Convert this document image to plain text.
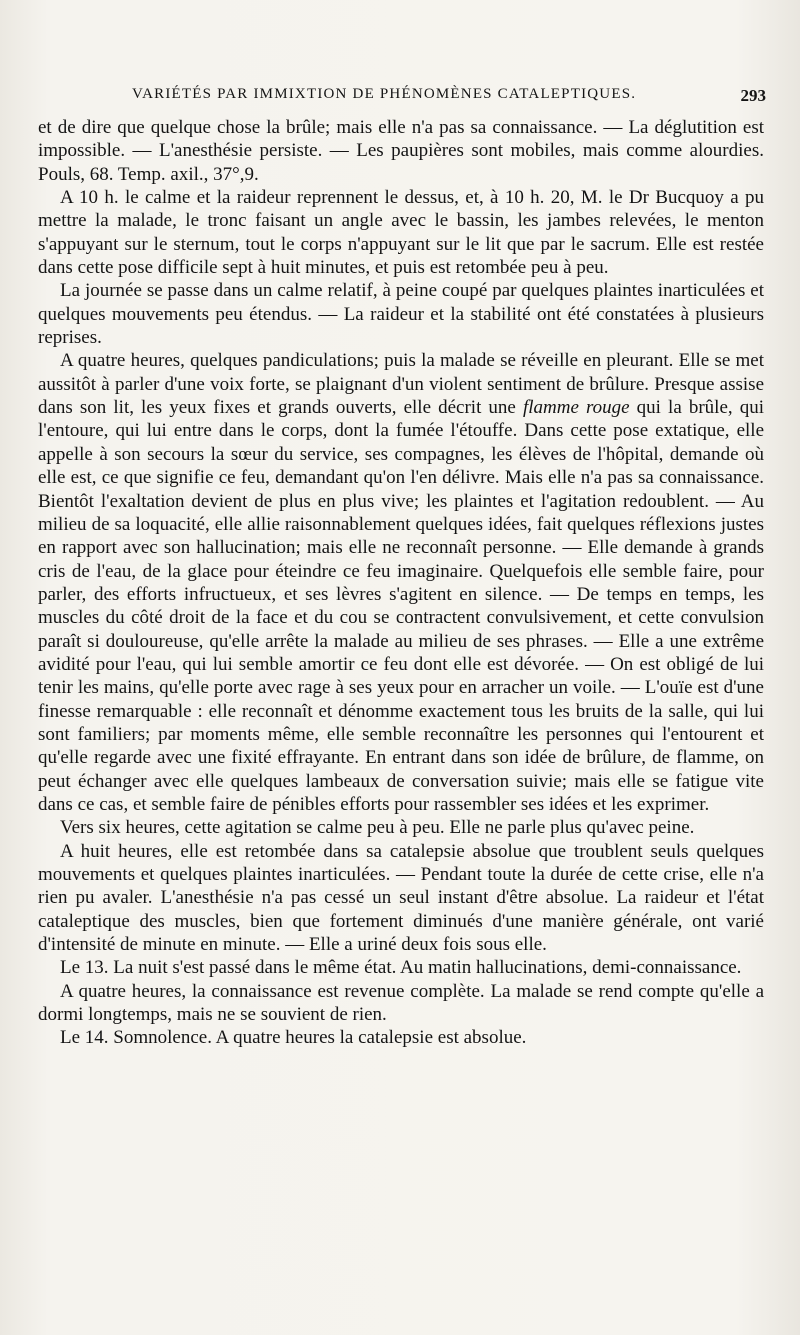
VARIÉTÉS PAR IMMIXTION DE PHÉNOMÈNES CATALEPTIQUES.	293

et de dire que quelque chose la brûle; mais elle n'a pas sa connaissance. — La déglutition est impossible. — L'anesthésie persiste. — Les paupières sont mobiles, mais comme alourdies. Pouls, 68. Temp. axil., 37°,9.

A 10 h. le calme et la raideur reprennent le dessus, et, à 10 h. 20, M. le Dr Bucquoy a pu mettre la malade, le tronc faisant un angle avec le bassin, les jambes relevées, le menton s'appuyant sur le sternum, tout le corps n'appuyant sur le lit que par le sacrum. Elle est restée dans cette pose difficile sept à huit minutes, et puis est retombée peu à peu.

La journée se passe dans un calme relatif, à peine coupé par quelques plaintes inarticulées et quelques mouvements peu étendus. — La raideur et la stabilité ont été constatées à plusieurs reprises.

A quatre heures, quelques pandiculations; puis la malade se réveille en pleurant. Elle se met aussitôt à parler d'une voix forte, se plaignant d'un violent sentiment de brûlure. Presque assise dans son lit, les yeux fixes et grands ouverts, elle décrit une flamme rouge qui la brûle, qui l'entoure, qui lui entre dans le corps, dont la fumée l'étouffe. Dans cette pose extatique, elle appelle à son secours la sœur du service, ses compagnes, les élèves de l'hôpital, demande où elle est, ce que signifie ce feu, demandant qu'on l'en délivre. Mais elle n'a pas sa connaissance. Bientôt l'exaltation devient de plus en plus vive; les plaintes et l'agitation redoublent. — Au milieu de sa loquacité, elle allie raisonnablement quelques idées, fait quelques réflexions justes en rapport avec son hallucination; mais elle ne reconnaît personne. — Elle demande à grands cris de l'eau, de la glace pour éteindre ce feu imaginaire. Quelquefois elle semble faire, pour parler, des efforts infructueux, et ses lèvres s'agitent en silence. — De temps en temps, les muscles du côté droit de la face et du cou se contractent convulsivement, et cette convulsion paraît si douloureuse, qu'elle arrête la malade au milieu de ses phrases. — Elle a une extrême avidité pour l'eau, qui lui semble amortir ce feu dont elle est dévorée. — On est obligé de lui tenir les mains, qu'elle porte avec rage à ses yeux pour en arracher un voile. — L'ouïe est d'une finesse remarquable : elle reconnaît et dénomme exactement tous les bruits de la salle, qui lui sont familiers; par moments même, elle semble reconnaître les personnes qui l'entourent et qu'elle regarde avec une fixité effrayante. En entrant dans son idée de brûlure, de flamme, on peut échanger avec elle quelques lambeaux de conversation suivie; mais elle se fatigue vite dans ce cas, et semble faire de pénibles efforts pour rassembler ses idées et les exprimer.

Vers six heures, cette agitation se calme peu à peu. Elle ne parle plus qu'avec peine.

A huit heures, elle est retombée dans sa catalepsie absolue que troublent seuls quelques mouvements et quelques plaintes inarticulées. — Pendant toute la durée de cette crise, elle n'a rien pu avaler. L'anesthésie n'a pas cessé un seul instant d'être absolue. La raideur et l'état cataleptique des muscles, bien que fortement diminués d'une manière générale, ont varié d'intensité de minute en minute. — Elle a uriné deux fois sous elle.

Le 13. La nuit s'est passé dans le même état. Au matin hallucinations, demi-connaissance.

A quatre heures, la connaissance est revenue complète. La malade se rend compte qu'elle a dormi longtemps, mais ne se souvient de rien.

Le 14. Somnolence. A quatre heures la catalepsie est absolue.
